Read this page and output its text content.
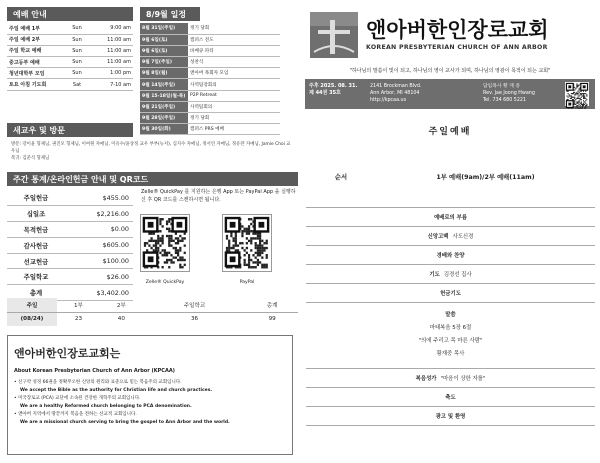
예배 안내
주일 예배 1부	Sun	9:00 am
주일 예배 2부	Sun	11:00 am
주일 학교 예배	Sun	11:00 am
중고등부 예배	Sun	11:00 am
청년대학부 모임	Sun	1:00 pm
토요 아침 기도회	Sat	7-10 am
8/9월 일정
8월 31일(주일)	정기 당회
9월 6일(토)	캠퍼스 전도
9월 6일(토)	바베큐 파티
9월 7일(주일)	성찬식
9월 8일(월)	앤아버 목회자 모임
9월 14일(주일)	사역팀장회의
9월 15-18일(월-목)	P2P Retreat
9월 21일(주일)	사역팀회의
9월 28일(주일)	정기 당회
9월 30일(화)	캠퍼스 PRS 예배
새교우 및 방문
방문: 강이윤 형제님, 권진모 형제님, 이여원 자매님, 이유수/윤상정 교우 부부(뉴저), 심지수 자매님, 정서연 자매님, 정유란 자매님, Jamie Choi 교우님
복귀: 김준석 형제님
주간 통계/온라인헌금 안내 및 QR코드
주일헌금	$455.00
십일조	$2,216.00
목적헌금	$0.00
감사헌금	$605.00
선교헌금	$100.00
주일학교	$26.00
총계	$3,402.00
Zelle® QuickPay 를 지원하는 은행 App 또는 PayPal App 을 실행하신 후 QR 코드를 스캔하시면 됩니다.
Zelle® QuickPay	PayPal
주일	1부	2부	주일학교	총계
(08/24)	23	40	36	99
앤아버한인장로교회는
About Korean Presbyterian Church of Ann Arbor (KPCAA)
• 신구약 성경 66권을 정확무오한 신앙의 원리와 표준으로 믿는 복음주의 교회입니다.
We accept the Bible as the authority for Christian life and church practices.
• 미국장로교 (PCA) 교단에 소속된 건강한 개혁주의 교회입니다.
We are a healthy Reformed church belonging to PCA denomination.
• 앤아버 지역에서 땅끝까지 복음을 전하는 선교적 교회입니다.
We are a missional church serving to bring the gospel to Ann Arbor and the world.
앤아버한인장로교회
KOREAN PRESBYTERIAN CHURCH OF ANN ARBOR
"하나님의 말씀이 빛이 되고, 하나님의 영이 교사가 되며, 하나님의 영광이 목적이 되는 교회"
주후 2025. 08. 31.
제 44권 35호
2141 Brockman Blvd.
Ann Arbor, MI 48104
http://kpcaa.us
담임목사 황 재 중
Rev. Jae Joong Hwang
Tel. 734 680 5221
주일예배
순서	1부 예배(9am)/2부 예배(11am)
예배로의 부름
신앙고백 사도신경
경배와 찬양
기도 김경선 집사
헌금기도
말씀
마태복음 5장 6절
"의에 주리고 목 마른 사람"
황재중 목사
복음성가 "마음이 상한 자를"
축도
광고 및 환영
